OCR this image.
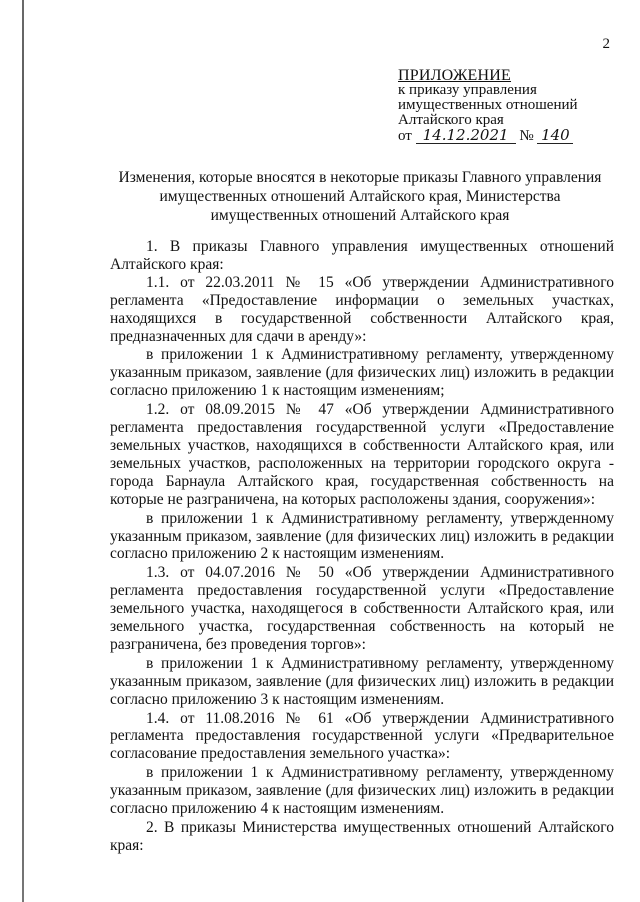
2
ПРИЛОЖЕНИЕ
к приказу управления
имущественных отношений
Алтайского края
от 14.12.2021 № 140
Изменения, которые вносятся в некоторые приказы Главного управления имущественных отношений Алтайского края, Министерства имущественных отношений Алтайского края

1. В приказы Главного управления имущественных отношений Алтайского края:

1.1. от 22.03.2011 № 15 «Об утверждении Административного регламента «Предоставление информации о земельных участках, находящихся в государственной собственности Алтайского края, предназначенных для сдачи в аренду»:

в приложении 1 к Административному регламенту, утвержденному указанным приказом, заявление (для физических лиц) изложить в редакции согласно приложению 1 к настоящим изменениям;

1.2. от 08.09.2015 № 47 «Об утверждении Административного регламента предоставления государственной услуги «Предоставление земельных участков, находящихся в собственности Алтайского края, или земельных участков, расположенных на территории городского округа - города Барнаула Алтайского края, государственная собственность на которые не разграничена, на которых расположены здания, сооружения»:

в приложении 1 к Административному регламенту, утвержденному указанным приказом, заявление (для физических лиц) изложить в редакции согласно приложению 2 к настоящим изменениям.

1.3. от 04.07.2016 № 50 «Об утверждении Административного регламента предоставления государственной услуги «Предоставление земельного участка, находящегося в собственности Алтайского края, или земельного участка, государственная собственность на который не разграничена, без проведения торгов»:

в приложении 1 к Административному регламенту, утвержденному указанным приказом, заявление (для физических лиц) изложить в редакции согласно приложению 3 к настоящим изменениям.

1.4. от 11.08.2016 № 61 «Об утверждении Административного регламента предоставления государственной услуги «Предварительное согласование предоставления земельного участка»:

в приложении 1 к Административному регламенту, утвержденному указанным приказом, заявление (для физических лиц) изложить в редакции согласно приложению 4 к настоящим изменениям.

2. В приказы Министерства имущественных отношений Алтайского края:
